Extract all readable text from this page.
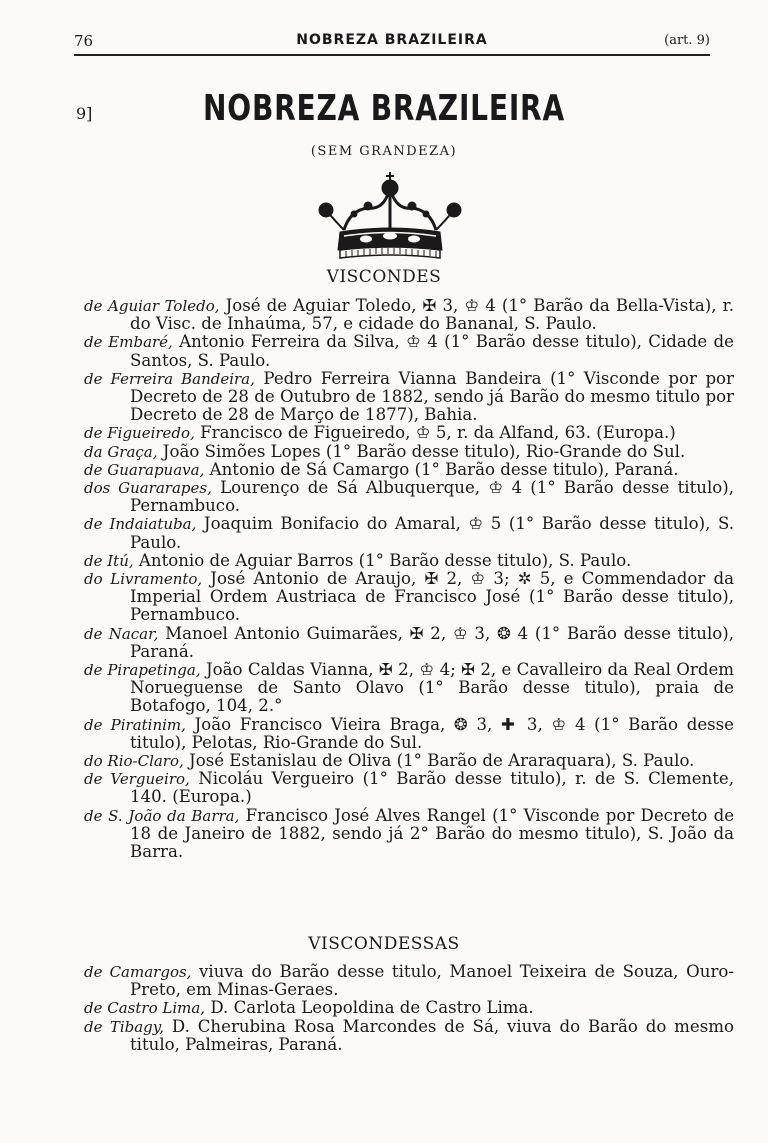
76	NOBREZA BRAZILEIRA	(art. 9)
9]	NOBREZA BRAZILEIRA
(SEM GRANDEZA)
VISCONDES
de Aguiar Toledo, José de Aguiar Toledo, ✠ 3, ♔ 4 (1° Barão da Bella-Vista), r. do Visc. de Inhaúma, 57, e cidade do Bananal, S. Paulo.
de Embaré, Antonio Ferreira da Silva, ♔ 4 (1° Barão desse titulo), Cidade de Santos, S. Paulo.
de Ferreira Bandeira, Pedro Ferreira Vianna Bandeira (1° Visconde por por Decreto de 28 de Outubro de 1882, sendo já Barão do mesmo titulo por Decreto de 28 de Março de 1877), Bahia.
de Figueiredo, Francisco de Figueiredo, ♔ 5, r. da Alfand, 63. (Europa.)
da Graça, João Simões Lopes (1° Barão desse titulo), Rio-Grande do Sul.
de Guarapuava, Antonio de Sá Camargo (1° Barão desse titulo), Paraná.
dos Guararapes, Lourenço de Sá Albuquerque, ♔ 4 (1° Barão desse titulo), Pernambuco.
de Indaiatuba, Joaquim Bonifacio do Amaral, ♔ 5 (1° Barão desse titulo), S. Paulo.
de Itú, Antonio de Aguiar Barros (1° Barão desse titulo), S. Paulo.
do Livramento, José Antonio de Araujo, ✠ 2, ♔ 3; ✲ 5, e Commendador da Imperial Ordem Austriaca de Francisco José (1° Barão desse titulo), Pernambuco.
de Nacar, Manoel Antonio Guimarães, ✠ 2, ♔ 3, ❂ 4 (1° Barão desse titulo), Paraná.
de Pirapetinga, João Caldas Vianna, ✠ 2, ♔ 4; ✠ 2, e Cavalleiro da Real Ordem Norueguense de Santo Olavo (1° Barão desse titulo), praia de Botafogo, 104, 2.°
de Piratinim, João Francisco Vieira Braga, ❂ 3, ✚ 3, ♔ 4 (1° Barão desse titulo), Pelotas, Rio-Grande do Sul.
do Rio-Claro, José Estanislau de Oliva (1° Barão de Araraquara), S. Paulo.
de Vergueiro, Nicoláu Vergueiro (1° Barão desse titulo), r. de S. Clemente, 140. (Europa.)
de S. João da Barra, Francisco José Alves Rangel (1° Visconde por Decreto de 18 de Janeiro de 1882, sendo já 2° Barão do mesmo titulo), S. João da Barra.
VISCONDESSAS
de Camargos, viuva do Barão desse titulo, Manoel Teixeira de Souza, Ouro-Preto, em Minas-Geraes.
de Castro Lima, D. Carlota Leopoldina de Castro Lima.
de Tibagy, D. Cherubina Rosa Marcondes de Sá, viuva do Barão do mesmo titulo, Palmeiras, Paraná.
